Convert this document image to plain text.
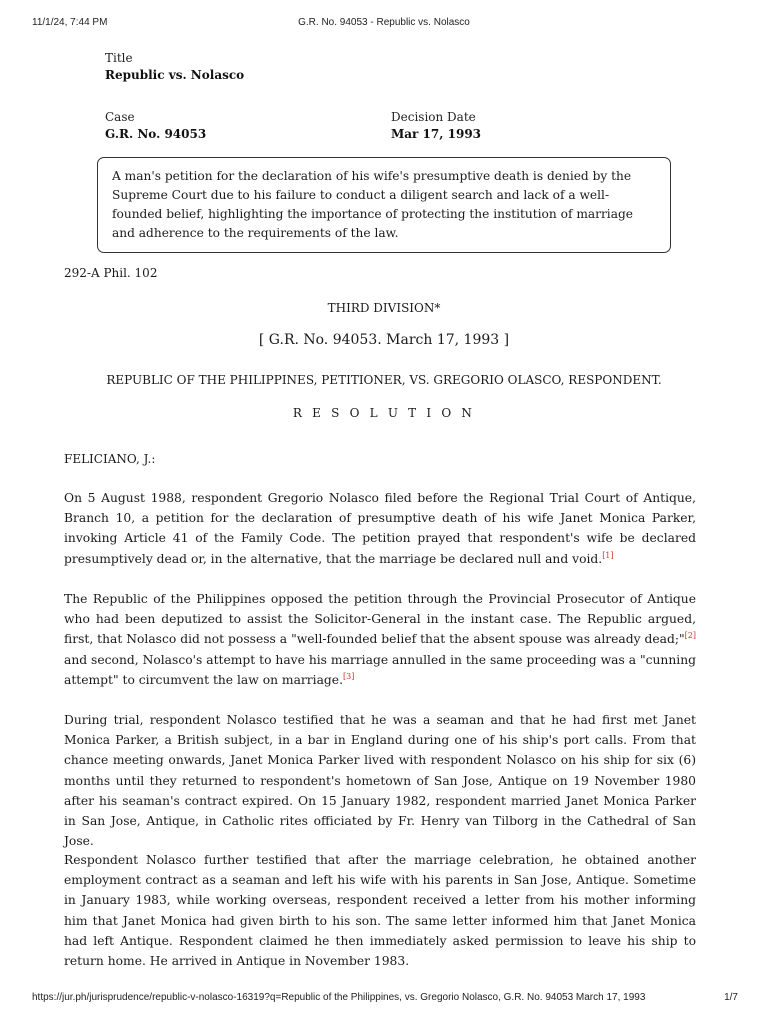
11/1/24, 7:44 PM	G.R. No. 94053 - Republic vs. Nolasco
Title
Republic vs. Nolasco
Case
G.R. No. 94053
Decision Date
Mar 17, 1993
A man's petition for the declaration of his wife's presumptive death is denied by the Supreme Court due to his failure to conduct a diligent search and lack of a well-founded belief, highlighting the importance of protecting the institution of marriage and adherence to the requirements of the law.
292-A Phil. 102
THIRD DIVISION*
[ G.R. No. 94053. March 17, 1993 ]
REPUBLIC OF THE PHILIPPINES, PETITIONER, VS. GREGORIO OLASCO, RESPONDENT.
R E S O L U T I O N
FELICIANO, J.:
On 5 August 1988, respondent Gregorio Nolasco filed before the Regional Trial Court of Antique, Branch 10, a petition for the declaration of presumptive death of his wife Janet Monica Parker, invoking Article 41 of the Family Code. The petition prayed that respondent's wife be declared presumptively dead or, in the alternative, that the marriage be declared null and void.[1]
The Republic of the Philippines opposed the petition through the Provincial Prosecutor of Antique who had been deputized to assist the Solicitor-General in the instant case. The Republic argued, first, that Nolasco did not possess a "well-founded belief that the absent spouse was already dead;"[2] and second, Nolasco's attempt to have his marriage annulled in the same proceeding was a "cunning attempt" to circumvent the law on marriage.[3]
During trial, respondent Nolasco testified that he was a seaman and that he had first met Janet Monica Parker, a British subject, in a bar in England during one of his ship's port calls. From that chance meeting onwards, Janet Monica Parker lived with respondent Nolasco on his ship for six (6) months until they returned to respondent's hometown of San Jose, Antique on 19 November 1980 after his seaman's contract expired. On 15 January 1982, respondent married Janet Monica Parker in San Jose, Antique, in Catholic rites officiated by Fr. Henry van Tilborg in the Cathedral of San Jose.
Respondent Nolasco further testified that after the marriage celebration, he obtained another employment contract as a seaman and left his wife with his parents in San Jose, Antique. Sometime in January 1983, while working overseas, respondent received a letter from his mother informing him that Janet Monica had given birth to his son. The same letter informed him that Janet Monica had left Antique. Respondent claimed he then immediately asked permission to leave his ship to return home. He arrived in Antique in November 1983.
https://jur.ph/jurisprudence/republic-v-nolasco-16319?q=Republic of the Philippines, vs. Gregorio Nolasco, G.R. No. 94053 March 17, 1993	1/7
